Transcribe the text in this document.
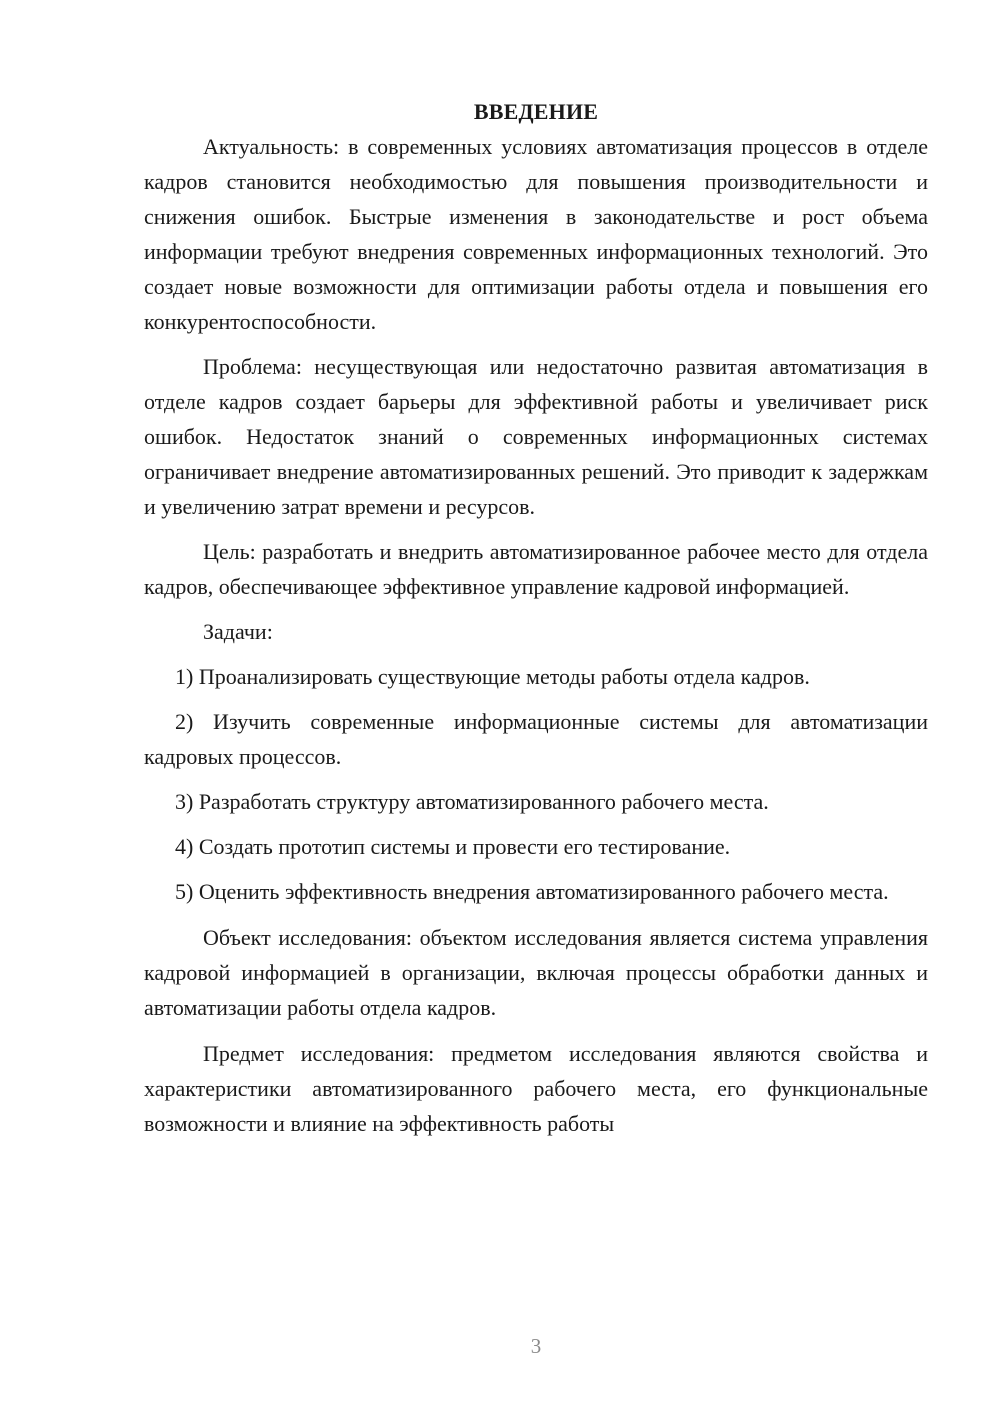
ВВЕДЕНИЕ

Актуальность: в современных условиях автоматизация процессов в отделе кадров становится необходимостью для повышения производительности и снижения ошибок. Быстрые изменения в законодательстве и рост объема информации требуют внедрения современных информационных технологий. Это создает новые возможности для оптимизации работы отдела и повышения его конкурентоспособности.

Проблема: несуществующая или недостаточно развитая автоматизация в отделе кадров создает барьеры для эффективной работы и увеличивает риск ошибок. Недостаток знаний о современных информационных системах ограничивает внедрение автоматизированных решений. Это приводит к задержкам и увеличению затрат времени и ресурсов.

Цель: разработать и внедрить автоматизированное рабочее место для отдела кадров, обеспечивающее эффективное управление кадровой информацией.

Задачи:

1) Проанализировать существующие методы работы отдела кадров.

2) Изучить современные информационные системы для автоматизации кадровых процессов.

3) Разработать структуру автоматизированного рабочего места.

4) Создать прототип системы и провести его тестирование.

5) Оценить эффективность внедрения автоматизированного рабочего места.

Объект исследования: объектом исследования является система управления кадровой информацией в организации, включая процессы обработки данных и автоматизации работы отдела кадров.

Предмет исследования: предметом исследования являются свойства и характеристики автоматизированного рабочего места, его функциональные возможности и влияние на эффективность работы

3
